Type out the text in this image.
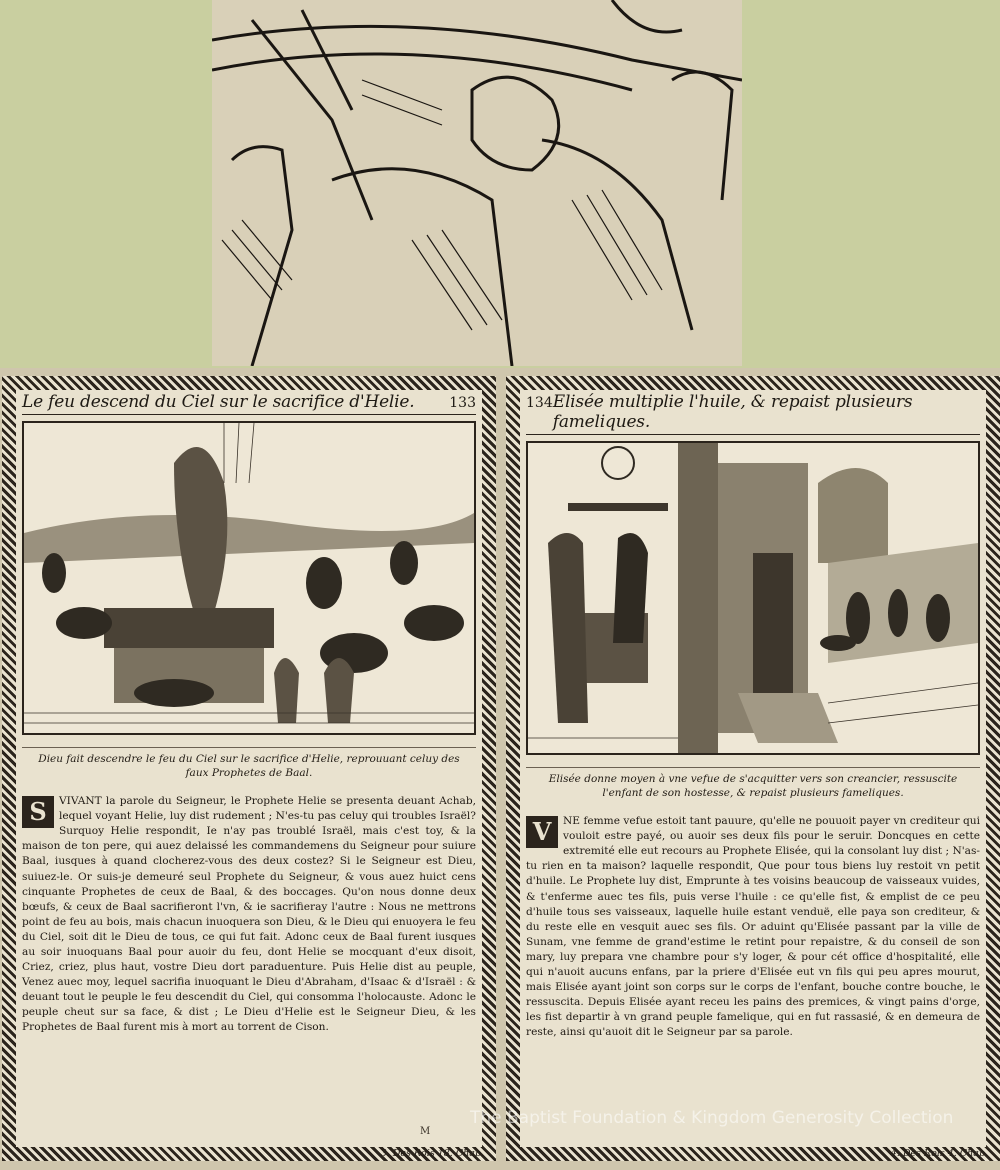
Le feu descend du Ciel sur le sacrifice d'Helie. 133
Dieu fait descendre le feu du Ciel sur le sacrifice d'Helie, reprouuant celuy des faux Prophetes de Baal.
S	VIVANT la parole du Seigneur, le Prophete Helie se presenta deuant Achab, lequel voyant Helie, luy dist rudement ; N'es-tu pas celuy qui troubles Israël? Surquoy Helie respondit, Ie n'ay pas troublé Israël, mais c'est toy, & la maison de ton pere, qui auez delaissé les commandemens du Seigneur pour suiure Baal, iusques à quand clocherez-vous des deux costez? Si le Seigneur est Dieu, suiuez-le. Or suis-je demeuré seul Prophete du Seigneur, & vous auez huict cens cinquante Prophetes de ceux de Baal, & des boccages. Qu'on nous donne deux bœufs, & ceux de Baal sacrifieront l'vn, & ie sacrifieray l'autre : Nous ne mettrons point de feu au bois, mais chacun inuoquera son Dieu, & le Dieu qui enuoyera le feu du Ciel, soit dit le Dieu de tous, ce qui fut fait. Adonc ceux de Baal furent iusques au soir inuoquans Baal pour auoir du feu, dont Helie se mocquant d'eux disoit, Criez, criez, plus haut, vostre Dieu dort paraduenture. Puis Helie dist au peuple, Venez auec moy, lequel sacrifia inuoquant le Dieu d'Abraham, d'Isaac & d'Israël : & deuant tout le peuple le feu descendit du Ciel, qui consomma l'holocauste. Adonc le peuple cheut sur sa face, & dist ; Le Dieu d'Helie est le Seigneur Dieu, & les Prophetes de Baal furent mis à mort au torrent de Cison.
3. Des Rois 18. Chap.
134 Elisée multiplie l'huile, & repaist plusieurs fameliques.
Elisée donne moyen à vne vefue de s'acquitter vers son creancier, ressuscite l'enfant de son hostesse, & repaist plusieurs fameliques.
V	NE femme vefue estoit tant pauure, qu'elle ne pouuoit payer vn crediteur qui vouloit estre payé, ou auoir ses deux fils pour le seruir. Doncques en cette extremité elle eut recours au Prophete Elisée, qui la consolant luy dist ; N'as-tu rien en ta maison? laquelle respondit, Que pour tous biens luy restoit vn petit d'huile. Le Prophete luy dist, Emprunte à tes voisins beaucoup de vaisseaux vuides, & t'enferme auec tes fils, puis verse l'huile : ce qu'elle fist, & emplist de ce peu d'huile tous ses vaisseaux, laquelle huile estant venduë, elle paya son crediteur, & du reste elle en vesquit auec ses fils. Or aduint qu'Elisée passant par la ville de Sunam, vne femme de grand'estime le retint pour repaistre, & du conseil de son mary, luy prepara vne chambre pour s'y loger, & pour cét office d'hospitalité, elle qui n'auoit aucuns enfans, par la priere d'Elisée eut vn fils qui peu apres mourut, mais Elisée ayant joint son corps sur le corps de l'enfant, bouche contre bouche, le ressuscita. Depuis Elisée ayant receu les pains des premices, & vingt pains d'orge, les fist departir à vn grand peuple famelique, qui en fut rassasié, & en demeura de reste, ainsi qu'auoit dit le Seigneur par sa parole.
4. Des Rois 4. Chap.
The Baptist Foundation & Kingdom Generosity Collection
M
